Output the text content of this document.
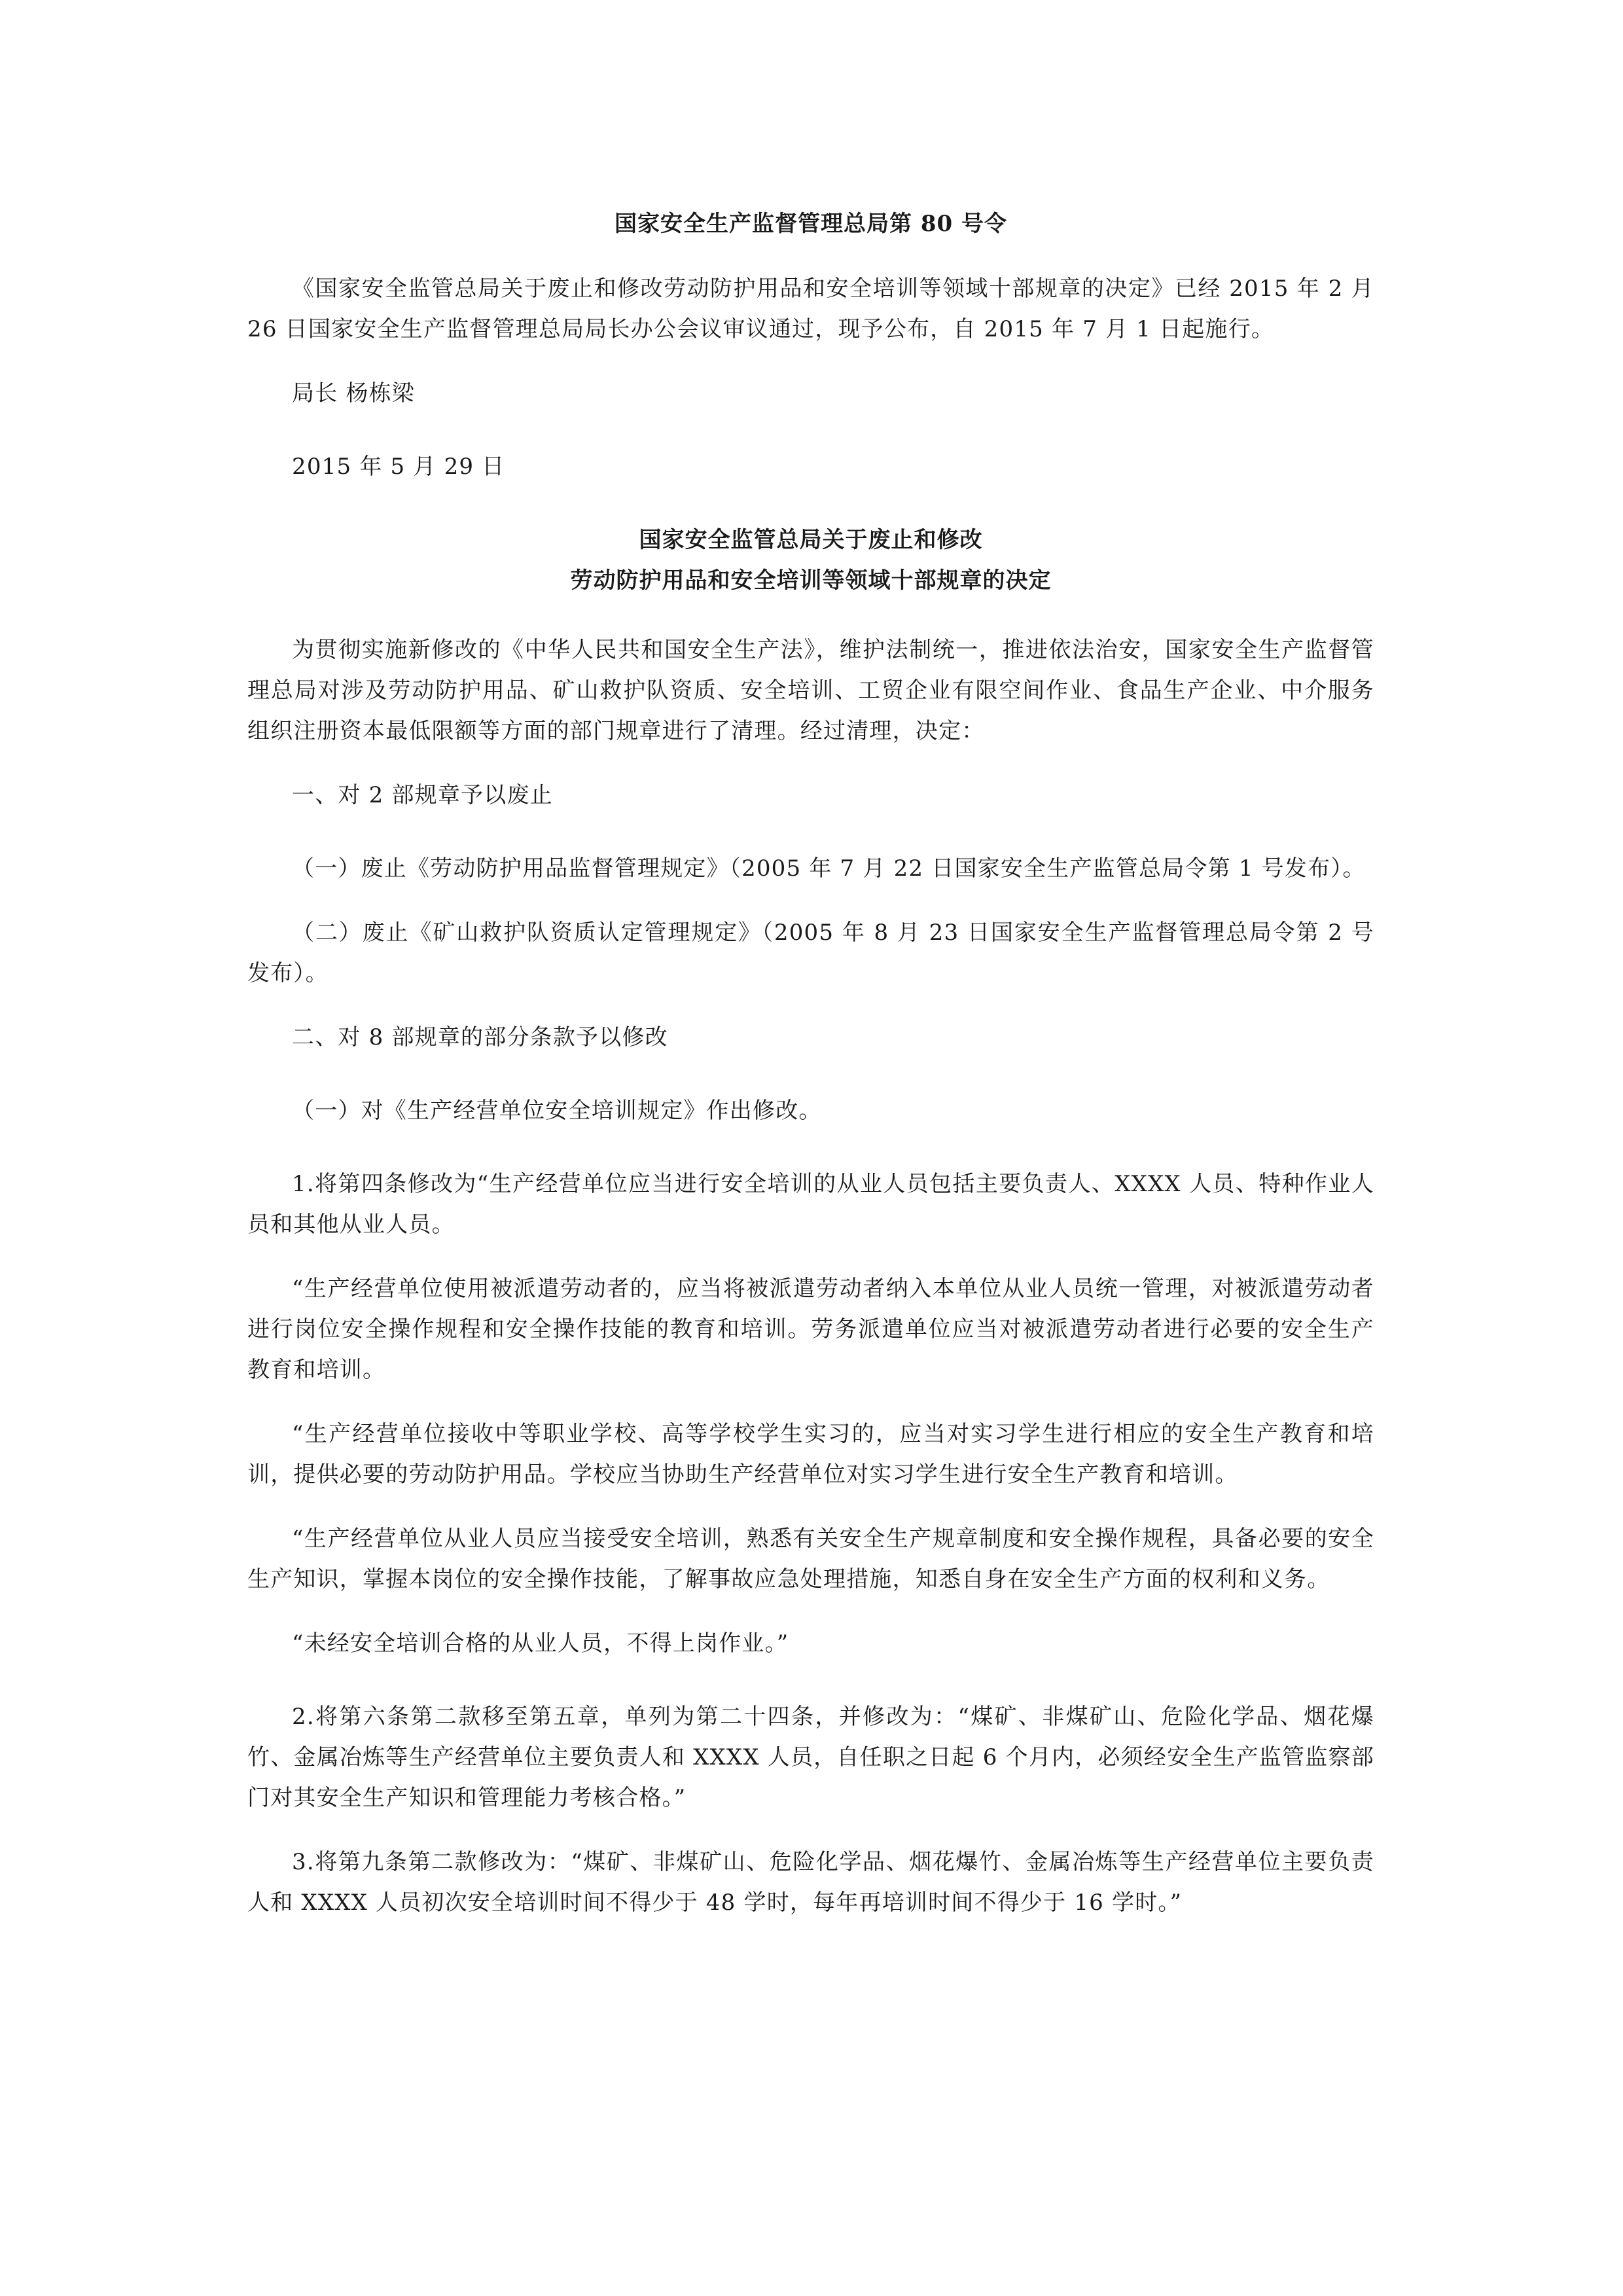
国家安全生产监督管理总局第 80 号令

《国家安全监管总局关于废止和修改劳动防护用品和安全培训等领域十部规章的决定》已经 2015 年 2 月 26 日国家安全生产监督管理总局局长办公会议审议通过，现予公布，自 2015 年 7 月 1 日起施行。

局长 杨栋梁

2015 年 5 月 29 日

国家安全监管总局关于废止和修改
劳动防护用品和安全培训等领域十部规章的决定

为贯彻实施新修改的《中华人民共和国安全生产法》，维护法制统一，推进依法治安，国家安全生产监督管理总局对涉及劳动防护用品、矿山救护队资质、安全培训、工贸企业有限空间作业、食品生产企业、中介服务组织注册资本最低限额等方面的部门规章进行了清理。经过清理，决定：

一、对 2 部规章予以废止

（一）废止《劳动防护用品监督管理规定》（2005 年 7 月 22 日国家安全生产监管总局令第 1 号发布）。

（二）废止《矿山救护队资质认定管理规定》（2005 年 8 月 23 日国家安全生产监督管理总局令第 2 号发布）。

二、对 8 部规章的部分条款予以修改

（一）对《生产经营单位安全培训规定》作出修改。

1.将第四条修改为“生产经营单位应当进行安全培训的从业人员包括主要负责人、XXXX 人员、特种作业人员和其他从业人员。

“生产经营单位使用被派遣劳动者的，应当将被派遣劳动者纳入本单位从业人员统一管理，对被派遣劳动者进行岗位安全操作规程和安全操作技能的教育和培训。劳务派遣单位应当对被派遣劳动者进行必要的安全生产教育和培训。

“生产经营单位接收中等职业学校、高等学校学生实习的，应当对实习学生进行相应的安全生产教育和培训，提供必要的劳动防护用品。学校应当协助生产经营单位对实习学生进行安全生产教育和培训。

“生产经营单位从业人员应当接受安全培训，熟悉有关安全生产规章制度和安全操作规程，具备必要的安全生产知识，掌握本岗位的安全操作技能，了解事故应急处理措施，知悉自身在安全生产方面的权利和义务。

“未经安全培训合格的从业人员，不得上岗作业。”

2.将第六条第二款移至第五章，单列为第二十四条，并修改为：“煤矿、非煤矿山、危险化学品、烟花爆竹、金属冶炼等生产经营单位主要负责人和 XXXX 人员，自任职之日起 6 个月内，必须经安全生产监管监察部门对其安全生产知识和管理能力考核合格。”

3.将第九条第二款修改为：“煤矿、非煤矿山、危险化学品、烟花爆竹、金属冶炼等生产经营单位主要负责人和 XXXX 人员初次安全培训时间不得少于 48 学时，每年再培训时间不得少于 16 学时。”
